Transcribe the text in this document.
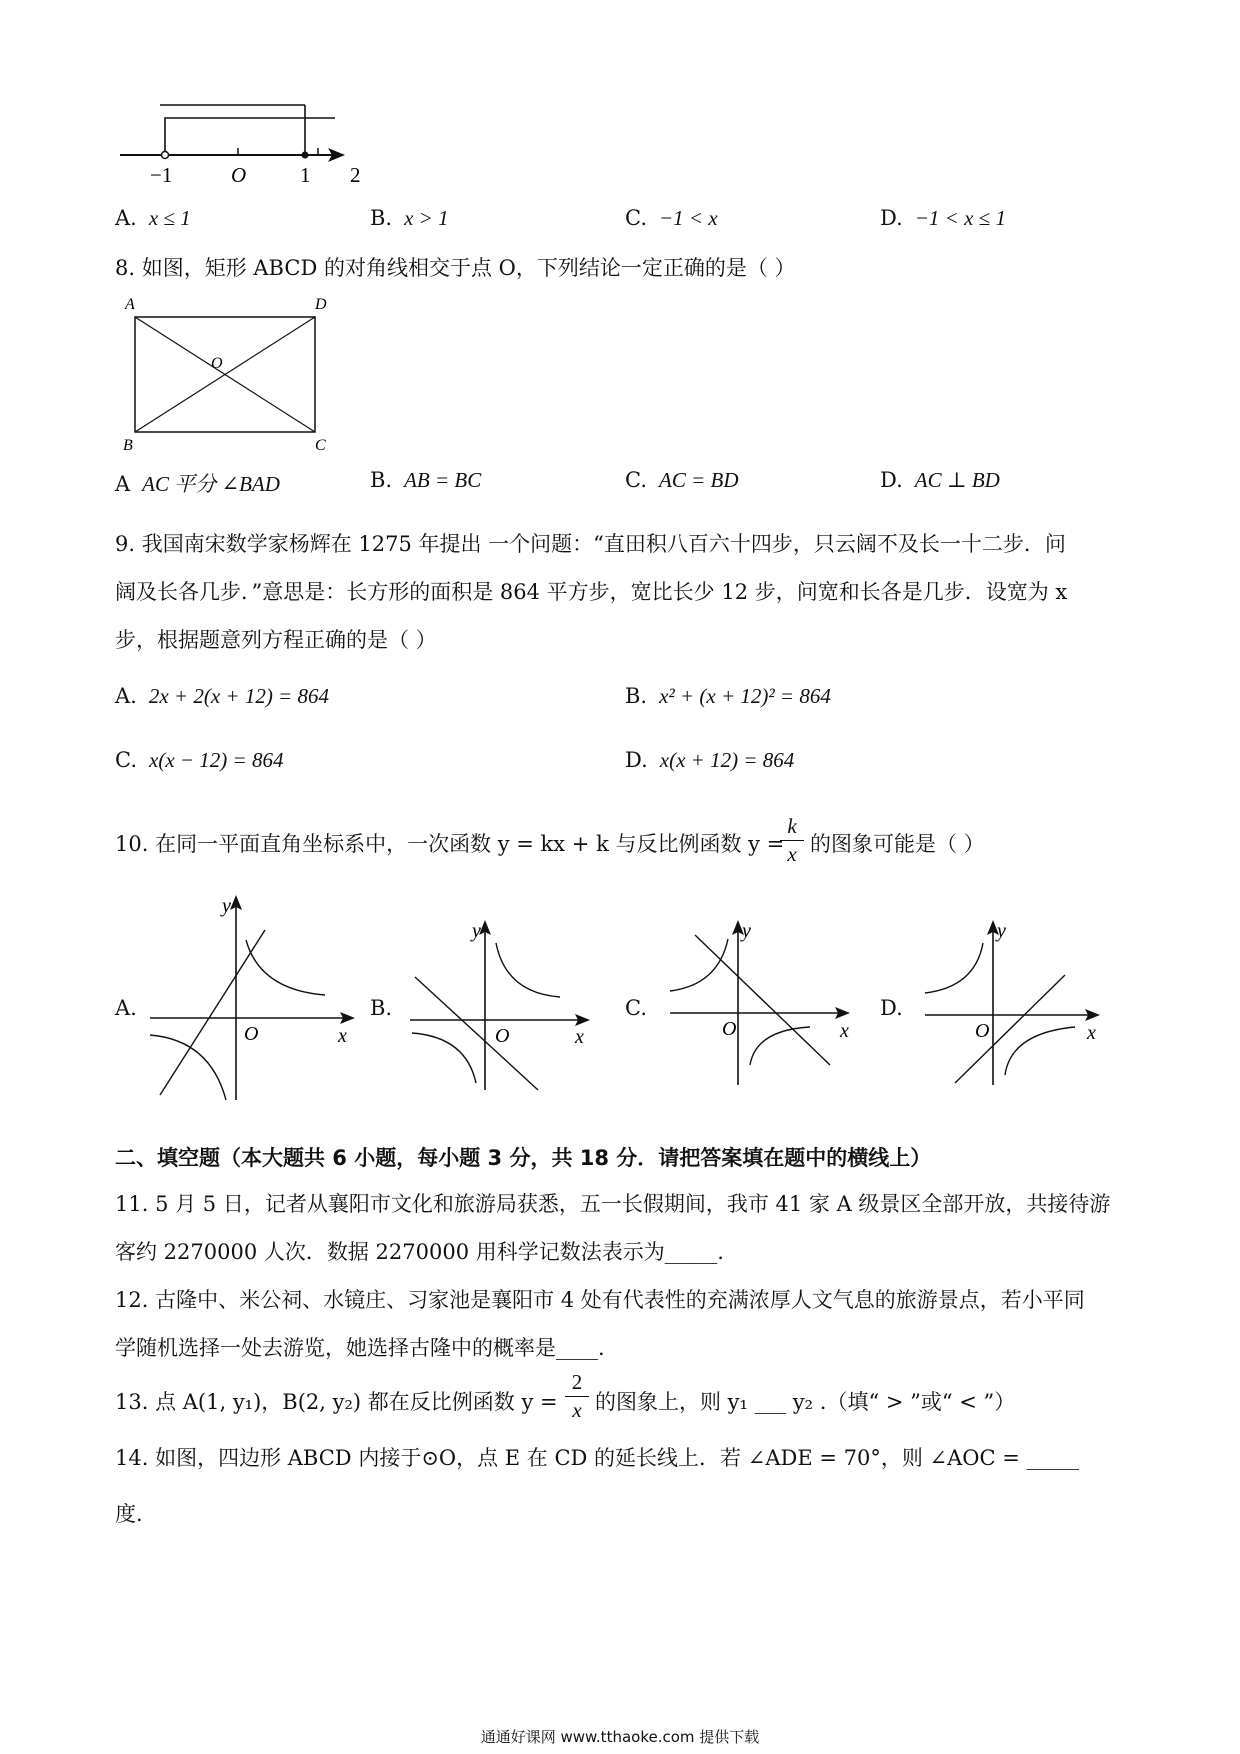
−1	O	1 2
A. x ≤ 1	B. x > 1	C. −1 < x	D. −1 < x ≤ 1
8. 如图，矩形 ABCD 的对角线相交于点 O，下列结论一定正确的是（ ）
A	D
O
B	C
A AC 平分 ∠BAD	B. AB = BC	C. AC = BD	D. AC ⊥ BD
9. 我国南宋数学家杨辉在 1275 年提出 一个问题：“直田积八百六十四步，只云阔不及长一十二步．问
阔及长各几步．”意思是：长方形的面积是 864 平方步，宽比长少 12 步，问宽和长各是几步．设宽为 x
步，根据题意列方程正确的是（ ）
A. 2x + 2(x + 12) = 864	B. x² + (x + 12)² = 864
C. x(x − 12) = 864	D. x(x + 12) = 864
10. 在同一平面直角坐标系中，一次函数 y = kx + k 与反比例函数 y =
k
x 的图象可能是（ ）
A.	B.	C.	D.
y
x
O
y
x
O
y
x
O
y
x
O
二、填空题（本大题共 6 小题，每小题 3 分，共 18 分．请把答案填在题中的横线上）
11. 5 月 5 日，记者从襄阳市文化和旅游局获悉，五一长假期间，我市 41 家 A 级景区全部开放，共接待游
客约 2270000 人次．数据 2270000 用科学记数法表示为_____.
12. 古隆中、米公祠、水镜庄、习家池是襄阳市 4 处有代表性的充满浓厚人文气息的旅游景点，若小平同
学随机选择一处去游览，她选择古隆中的概率是____.
13. 点 A(1, y₁)，B(2, y₂) 都在反比例函数 y =
2
x 的图象上，则 y₁ ___ y₂ .（填“ > ”或“ < ”）
14. 如图，四边形 ABCD 内接于⊙O，点 E 在 CD 的延长线上．若 ∠ADE = 70°，则 ∠AOC = _____
度.
通通好课网 www.tthaoke.com 提供下载
